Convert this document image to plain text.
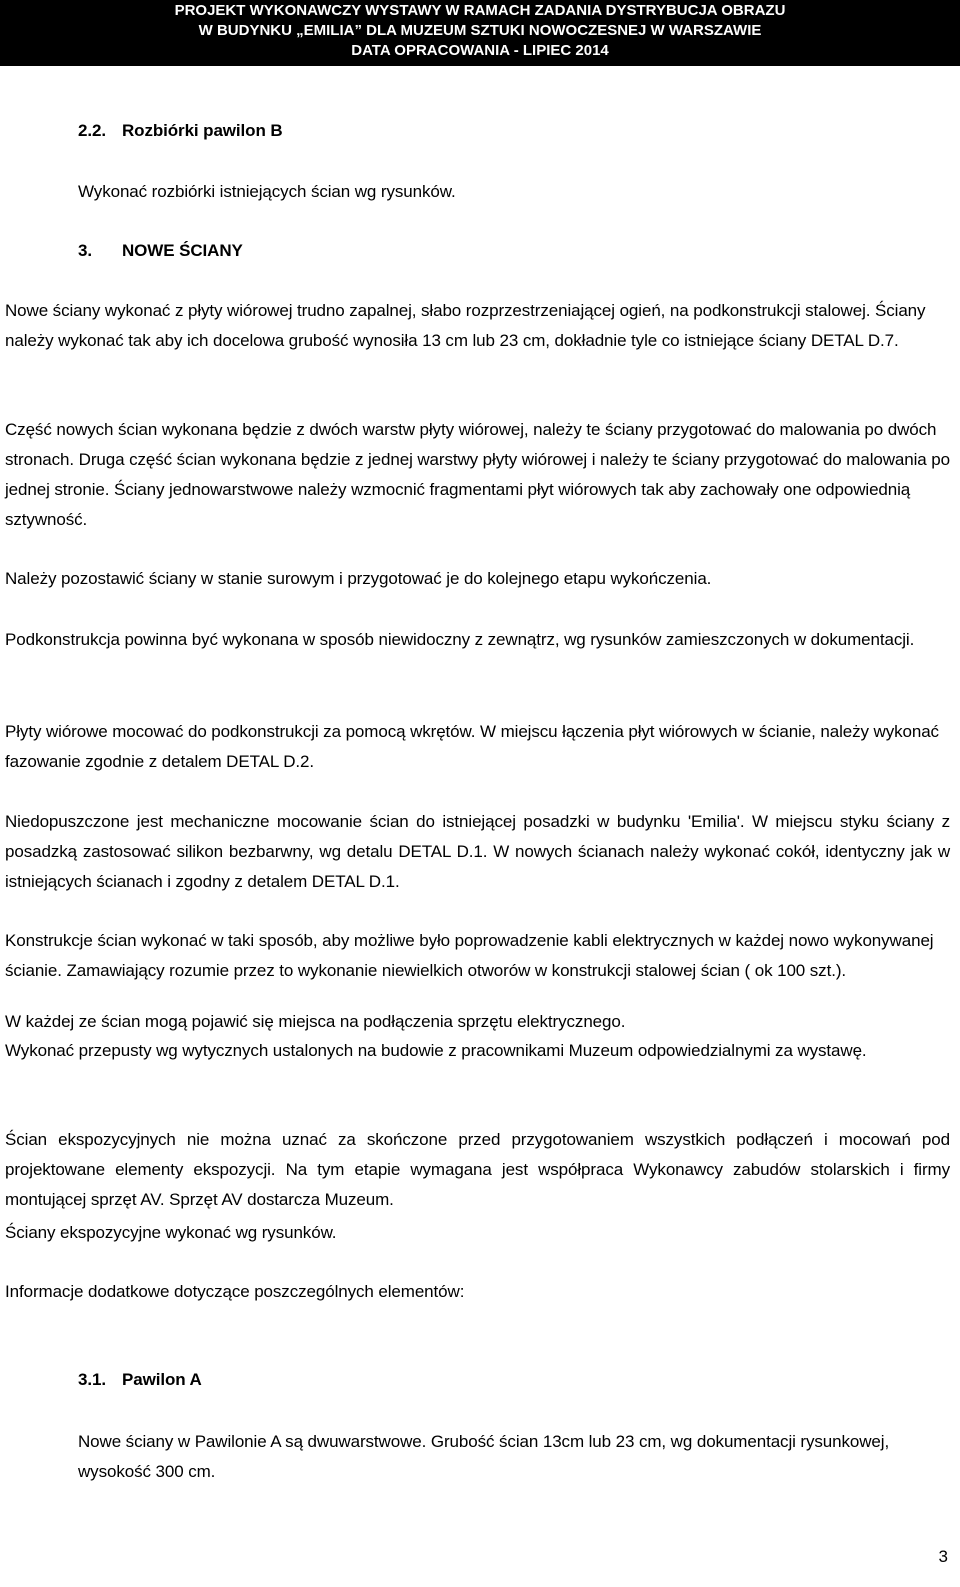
PROJEKT WYKONAWCZY WYSTAWY W RAMACH ZADANIA DYSTRYBUCJA OBRAZU
W BUDYNKU „EMILIA” DLA MUZEUM SZTUKI NOWOCZESNEJ W WARSZAWIE
DATA OPRACOWANIA - LIPIEC 2014
2.2. Rozbiórki pawilon B
Wykonać rozbiórki istniejących ścian wg rysunków.
3. NOWE ŚCIANY
Nowe ściany wykonać z płyty wiórowej trudno zapalnej, słabo rozprzestrzeniającej ogień, na podkonstrukcji stalowej. Ściany należy wykonać tak aby ich docelowa grubość wynosiła 13 cm lub 23 cm, dokładnie tyle co istniejące ściany DETAL D.7.
Część nowych ścian wykonana będzie z dwóch warstw płyty wiórowej, należy te ściany przygotować do malowania po dwóch stronach. Druga część ścian wykonana będzie z jednej warstwy płyty wiórowej i należy te ściany przygotować do malowania po jednej stronie. Ściany jednowarstwowe należy wzmocnić fragmentami płyt wiórowych tak aby zachowały one odpowiednią sztywność.
Należy pozostawić ściany w stanie surowym i przygotować je do kolejnego etapu wykończenia.
Podkonstrukcja powinna być wykonana w sposób niewidoczny z zewnątrz, wg rysunków zamieszczonych w dokumentacji.
Płyty wiórowe mocować do podkonstrukcji za pomocą wkrętów. W miejscu łączenia płyt wiórowych w ścianie, należy wykonać fazowanie zgodnie z detalem DETAL D.2.
Niedopuszczone jest mechaniczne mocowanie ścian do istniejącej posadzki w budynku 'Emilia'. W miejscu styku ściany z posadzką zastosować silikon bezbarwny, wg detalu DETAL D.1. W nowych ścianach należy wykonać cokół, identyczny jak w istniejących ścianach i zgodny z detalem DETAL D.1.
Konstrukcje ścian wykonać w taki sposób, aby możliwe było poprowadzenie kabli elektrycznych w każdej nowo wykonywanej ścianie. Zamawiający rozumie przez to wykonanie niewielkich otworów w konstrukcji stalowej ścian ( ok 100 szt.).
W każdej ze ścian mogą pojawić się miejsca na podłączenia sprzętu elektrycznego.
Wykonać przepusty wg wytycznych ustalonych na budowie z pracownikami Muzeum odpowiedzialnymi za wystawę.
Ścian ekspozycyjnych nie można uznać za skończone przed przygotowaniem wszystkich podłączeń i mocowań pod projektowane elementy ekspozycji. Na tym etapie wymagana jest współpraca Wykonawcy zabudów stolarskich i firmy montującej sprzęt AV. Sprzęt AV dostarcza Muzeum.
Ściany ekspozycyjne wykonać wg rysunków.
Informacje dodatkowe dotyczące poszczególnych elementów:
3.1. Pawilon A
Nowe ściany w Pawilonie A są dwuwarstwowe. Grubość ścian 13cm lub 23 cm, wg dokumentacji rysunkowej, wysokość 300 cm.
3
